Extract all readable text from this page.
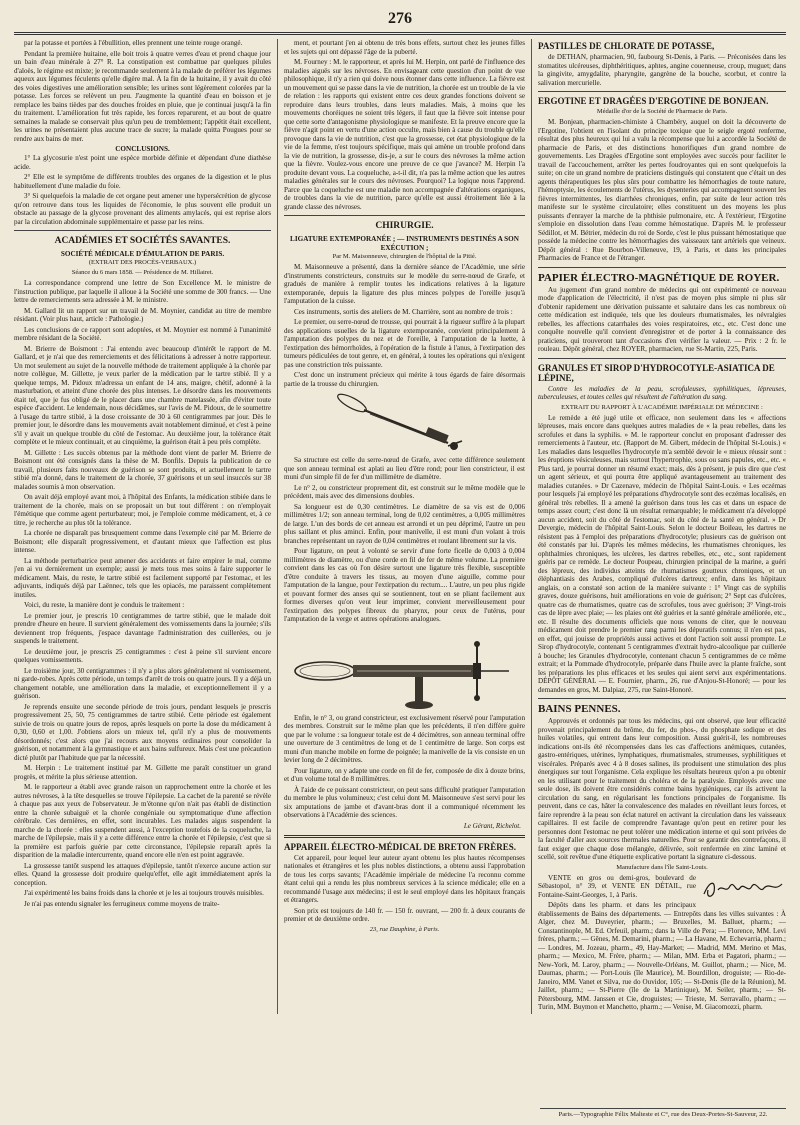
276

par la potasse et portées à l'ébullition, elles prennent une teinte rouge orangé.

Pendant la première huitaine, elle boit trois à quatre verres d'eau et prend chaque jour un bain d'eau minérale à 27° R. La constipation est combattue par quelques pilules d'aloès, le régime est mixte; je recommande seulement à la malade de préférer les légumes aqueux aux légumes féculents qu'elle digère mal. À la fin de la huitaine, il y avait du côté des voies digestives une amélioration sensible; les urines sont légèrement colorées par la potasse. Les forces se relèvent un peu. J'augmente la quantité d'eau en boisson et je remplace les bains tièdes par des douches froides en pluie, que je continuai jusqu'à la fin du traitement. L'amélioration fut très rapide, les forces reparurent, et au bout de quatre semaines la malade se conservait plus qu'un peu de tremblement; l'appétit était excellent, les urines ne présentaient plus aucune trace de sucre; la malade quitta Pougues pour se rendre aux bains de mer.

CONCLUSIONS.

1° La glycosurie n'est point une espèce morbide définie et dépendant d'une diathèse acide.

2° Elle est le symptôme de différents troubles des organes de la digestion et le plus habituellement d'une maladie du foie.

3° Si quelquefois la maladie de cet organe peut amener une hypersécrétion de glycose qu'on retrouve dans tous les liquides de l'économie, le plus souvent elle produit un obstacle au passage de la glycose provenant des aliments amylacés, qui est reprise alors par la circulation abdominale supplémentaire et passe par les reins.

ACADÉMIES ET SOCIÉTÉS SAVANTES.
SOCIÉTÉ MÉDICALE D'ÉMULATION DE PARIS.
(EXTRAIT DES PROCÈS-VERBAUX.)
Séance du 6 mars 1858. — Présidence de M. Hillairet.

La correspondance comprend une lettre de Son Excellence M. le ministre de l'instruction publique, par laquelle il alloue à la Société une somme de 300 francs. — Une lettre de remerciements sera adressée à M. le ministre.

M. Gallard lit un rapport sur un travail de M. Moynier, candidat au titre de membre résidant. (Voir plus haut, article : Pathologie.)

Les conclusions de ce rapport sont adoptées, et M. Moynier est nommé à l'unanimité membre résidant de la Société.

M. Brierre de Boismont : J'ai entendu avec beaucoup d'intérêt le rapport de M. Gallard, et je n'ai que des remerciements et des félicitations à adresser à notre rapporteur. Un mot seulement au sujet de la nouvelle méthode de traitement appliquée à la chorée par notre collègue, M. Gillette, je veux parler de la médication par le tartre stibié. Il y a quelque temps, M. Pidoux m'adressa un enfant de 14 ans, maigre, chétif, adonné à la masturbation, et atteint d'une chorée des plus intenses. Le désordre dans les mouvements était tel, que je fus obligé de le placer dans une chambre matelassée, afin d'éviter toute espèce d'accident. Le lendemain, nous décidâmes, sur l'avis de M. Pidoux, de le soumettre à l'usage du tartre stibié, à la dose croissante de 30 à 60 centigrammes par jour. Dès le premier jour, le désordre dans les mouvements avait notablement diminué, et c'est à peine s'il y avait un quelque trouble du côté de l'estomac. Au deuxième jour, la tolérance était complète et le mieux continuait, et au cinquième, la guérison était à peu près complète.

M. Gillette : Les succès obtenus par la méthode dont vient de parler M. Brierre de Boismont ont été consignés dans la thèse de M. Bonfils. Depuis la publication de ce travail, plusieurs faits nouveaux de guérison se sont produits, et actuellement le tartre stibié m'a donné, dans le traitement de la chorée, 37 guérisons et un seul insuccès sur 38 malades soumis à mon observation.

On avait déjà employé avant moi, à l'hôpital des Enfants, la médication stibiée dans le traitement de la chorée, mais on se proposait un but tout différent : on n'employait l'émétique que comme agent perturbateur; moi, je l'emploie comme médicament, et, à ce titre, je recherche au plus tôt la tolérance.

La chorée ne disparaît pas brusquement comme dans l'exemple cité par M. Brierre de Boismont; elle disparaît progressivement, et d'autant mieux que l'affection est plus intense.

La méthode perturbatrice peut amener des accidents et faire empirer le mal, comme j'en ai vu dernièrement un exemple; aussi je mets tous mes soins à faire supporter le médicament. Mais, du reste, le tartre stibié est facilement supporté par l'estomac, et les adjuvants, indiqués déjà par Laënnec, tels que les opiacés, me paraissent complètement inutiles.

Voici, du reste, la manière dont je conduis le traitement :

Le premier jour, je prescris 10 centigrammes de tartre stibié, que le malade doit prendre d'heure en heure. Il survient généralement des vomissements dans la journée; s'ils deviennent trop fréquents, j'espace davantage l'administration des cuillerées, ou je suspends le traitement.

Le deuxième jour, je prescris 25 centigrammes : c'est à peine s'il survient encore quelques vomissements.

Le troisième jour, 30 centigrammes : il n'y a plus alors généralement ni vomissement, ni garde-robes. Après cette période, un temps d'arrêt de trois ou quatre jours. Il y a déjà un changement notable, une amélioration dans la maladie, et exceptionnellement il y a guérison.

Je reprends ensuite une seconde période de trois jours, pendant lesquels je prescris progressivement 25, 50, 75 centigrammes de tartre stibié. Cette période est également suivie de trois ou quatre jours de repos, après lesquels on porte la dose du médicament à 0,30, 0,60 et 1,00. J'obtiens alors un mieux tel, qu'il n'y a plus de mouvements désordonnés; c'est alors que j'ai recours aux moyens ordinaires pour consolider la guérison, et notamment à la gymnastique et aux bains sulfureux. Mais c'est une précaution dicté plutôt par l'habitude que par la nécessité.

M. Herpin : Le traitement institué par M. Gillette me paraît constituer un grand progrès, et mérite la plus sérieuse attention.

M. le rapporteur a établi avec grande raison un rapprochement entre la chorée et les autres névroses, à la tête desquelles se trouve l'épilepsie. La cachet de la parenté se révèle à chaque pas aux yeux de l'observateur. Je m'étonne qu'on n'ait pas établi de distinction entre la chorée subaiguë et la chorée congéniale ou symptomatique d'une affection cérébrale. Ces dernières, en effet, sont incurables. Les malades aigus suspendent la marche de la chorée : elles suspendent aussi, à l'exception toutefois de la coqueluche, la marche de l'épilepsie, mais il y a cette différence entre la chorée et l'épilepsie, c'est que si la première est parfois guérie par cette circonstance, l'épilepsie reparaît après la disparition de la maladie intercurrente, quand encore elle n'en est point aggravée.

La grossesse tantôt suspend les attaques d'épilepsie, tantôt n'exerce aucune action sur elles. Quand la grossesse doit produire quelqu'effet, elle agit immédiatement après la conception.

J'ai expérimenté les bains froids dans la chorée et je les ai toujours trouvés nuisibles.

Je n'ai pas entendu signaler les ferrugineux comme moyens de traite-

ment, et pourtant j'en ai obtenu de très bons effets, surtout chez les jeunes filles et les sujets qui ont dépassé l'âge de la puberté.

M. Fourney : M. le rapporteur, et après lui M. Herpin, ont parlé de l'influence des maladies aiguës sur les névroses. En envisageant cette question d'un point de vue philosophique, il n'y a rien qui doive nous étonner dans cette influence. La fièvre est un mouvement qui se passe dans la vie de nutrition, la chorée est un trouble de la vie de relation : les rapports qui existent entre ces deux grandes fonctions doivent se reproduire dans leurs troubles, dans leurs maladies. Mais, à moins que les mouvements choréiques ne soient très légers, il faut que la fièvre soit intense pour que cette sorte d'antagonisme physiologique se manifeste. Et la preuve encore que la fièvre n'agit point en vertu d'une action occulte, mais bien à cause du trouble qu'elle provoque dans la vie de nutrition, c'est que la grossesse, cet état physiologique de la vie de la femme, n'est toujours spécifique, mais qui amène un trouble profond dans la vie de nutrition, la grossesse, dis-je, a sur le cours des névroses la même action que la fièvre. Voulez-vous encore une preuve de ce que j'avance? M. Herpin l'a produite devant vous. La coqueluche, a-t-il dit, n'a pas la même action que les autres maladies générales sur le cours des névroses. Pourquoi? La logique nous l'apprend. Parce que la coqueluche est une maladie non accompagnée d'altérations organiques, de troubles dans la vie de nutrition, parce qu'elle est aussi étroitement liée à la grande classe des névroses.

CHIRURGIE.
LIGATURE EXTEMPORANÉE ; — INSTRUMENTS DESTINÉS A SON EXÉCUTION ;
Par M. Maisonneuve, chirurgien de l'hôpital de la Pitié.

M. Maisonneuve a présenté, dans la dernière séance de l'Académie, une série d'instruments constricteurs, construits sur le modèle du serre-nœud de Græfe, et gradués de manière à remplir toutes les indications relatives à la ligature extemporanée, depuis la ligature des plus minces polypes de l'oreille jusqu'à l'amputation de la cuisse.

Ces instruments, sortis des ateliers de M. Charrière, sont au nombre de trois :

Le premier, ou serre-nœud de trousse, qui pourrait à la rigueur suffire à la plupart des applications usuelles de la ligature extemporanée, convient principalement à l'amputation des polypes du nez et de l'oreille, à l'amputation de la luette, à l'extirpation des hémorrhoïdes, à l'opération de la fistule à l'anus, à l'extirpation des tumeurs pédiculées de tout genre, et, en général, à toutes les opérations qui n'exigent pas une constriction très puissante.

C'est donc un instrument précieux qui mérite à tous égards de faire désormais partie de la trousse du chirurgien.

Sa structure est celle du serre-nœud de Græfe, avec cette différence seulement que son anneau terminal est aplati au lieu d'être rond; pour lien constricteur, il est muni d'un simple fil de fer d'un millimètre de diamètre.

Le n° 2, ou constricteur proprement dit, est construit sur le même modèle que le précédent, mais avec des dimensions doubles.

Sa longueur est de 0,30 centimètres. Le diamètre de sa vis est de 0,006 millimètres 1/2; son anneau terminal, long de 0,02 centimètres, a 0,005 millimètres de large. L'un des bords de cet anneau est arrondi et un peu déprimé, l'autre un peu plus saillant et plus aminci. Enfin, pour manivelle, il est muni d'un volant à trois branches représentant un rayon de 0,04 centimètres et roulant librement sur la vis.

Pour ligature, on peut à volonté se servir d'une forte ficelle de 0,003 à 0,004 millimètres de diamètre, ou d'une corde en fil de fer de même volume. La première convient dans les cas où l'on désire surtout une ligature très flexible, susceptible d'être conduite à travers les tissus, au moyen d'une aiguille, comme pour l'amputation de la langue, pour l'extirpation du rectum.... L'autre, un peu plus rigide et pouvant former des anses qui se soutiennent, tout en se pliant facilement aux formes diverses qu'on veut leur imprimer, convient merveilleusement pour l'extirpation des polypes fibreux du pharynx, pour ceux de l'utérus, pour l'amputation de la verge et autres opérations analogues.

Enfin, le n° 3, ou grand constricteur, est exclusivement réservé pour l'amputation des membres. Construit sur le même plan que les précédents, il n'en diffère guère que par le volume : sa longueur totale est de 4 décimètres, son anneau terminal offre une ouverture de 3 centimètres de long et de 1 centimètre de large. Son corps est muni d'un manche mobile en forme de poignée; la manivelle de la vis consiste en un levier long de 2 décimètres.

Pour ligature, on y adapte une corde en fil de fer, composée de dix à douze brins, et d'un volume total de 8 millimètres.

À l'aide de ce puissant constricteur, on peut sans difficulté pratiquer l'amputation du membre le plus volumineux; c'est celui dont M. Maisonneuve s'est servi pour les six amputations de jambe et d'avant-bras dont il a communiqué récemment les observations à l'Académie des sciences.

Le Gérant, Richelot.
APPAREIL ÉLECTRO-MÉDICAL DE BRETON FRÈRES.

Cet appareil, pour lequel leur auteur ayant obtenu les plus hautes récompenses nationales et étrangères et les plus nobles distinctions, a obtenu aussi l'approbation de tous les corps savants; l'Académie impériale de médecine l'a reconnu comme étant celui qui a rendu les plus nombreux services à la science médicale; elle en a recommandé l'usage aux médecins; il est le seul employé dans les hôpitaux français et étrangers.

Son prix est toujours de 140 fr. — 150 fr. ouvrant, — 200 fr. à deux courants de premier et de deuxième ordre.

23, rue Dauphine, à Paris.
PASTILLES DE CHLORATE DE POTASSE,

de DETHAN, pharmacien, 90, faubourg St-Denis, à Paris. — Préconisées dans les stomatites ulcéreuses, diphthéritiques, aphtes, angine couenneuse, croup, muguet; dans la gingivite, amygdalite, pharyngite, gangrène de la bouche, scorbut, et contre la salivation mercurielle.

ERGOTINE ET DRAGÉES D'ERGOTINE DE BONJEAN.
Médaille d'or de la Société de Pharmacie de Paris.

M. Bonjean, pharmacien-chimiste à Chambéry, auquel on doit la découverte de l'Ergotine, l'obtient en l'isolant du principe toxique que le seigle ergoté renferme, résultat des plus heureux qui lui a valu la récompense que lui a accordée la Société de pharmacie de Paris, et des distinctions honorifiques d'un grand nombre de gouvernements. Les Dragées d'Ergotine sont employées avec succès pour faciliter le travail de l'accouchement, arrêter les pertes foudroyantes qui en sont quelquefois la suite; on cite un grand nombre de praticiens distingués qui constatent que c'était un des agents thérapeutiques les plus sûrs pour combattre les hémorrhagies de toute nature, l'hémoptysie, les écoulements de l'utérus, les dysenteries qui accompagnent souvent les fièvres intermittentes, les diarrhées chroniques, enfin, par suite de leur action très manifeste sur le système circulatoire; elles constituent un des moyens les plus puissants d'enrayer la marche de la phthisie pulmonaire, etc. À l'extérieur, l'Ergotine s'emploie en dissolution dans l'eau comme hémostatique. D'après M. le professeur Sédillot, et M. Bétrier, médecin du roi de Sorde, c'est le plus puissant hémostatique que possède la médecine contre les hémorrhagies des vaisseaux tant artériels que veineux. Dépôt général : Rue Bourbon-Villeneuve, 19, à Paris, et dans les principales Pharmacies de France et de l'étranger.

PAPIER ÉLECTRO-MAGNÉTIQUE DE ROYER.

Au jugement d'un grand nombre de médecins qui ont expérimenté ce nouveau mode d'application de l'électricité, il n'est pas de moyen plus simple ni plus sûr d'obtenir rapidement une dérivation puissante et salutaire dans les cas nombreux où cette médication est indiquée, tels que les douleurs rhumatismales, les névralgies rebelles, les affections catarrhales des voies respiratoires, etc., etc. C'est donc une conquête nouvelle qu'il convient d'enregistrer et de porter à la connaissance des praticiens, qui trouveront tant d'occasions d'en vérifier la valeur. — Prix : 2 fr. le rouleau. Dépôt général, chez ROYER, pharmacien, rue St-Martin, 225, Paris.

GRANULES ET SIROP D'HYDROCOTYLE-ASIATICA DE LÉPINE,

Contre les maladies de la peau, scrofuleuses, syphilitiques, lépreuses, tuberculeuses, et toutes celles qui résultent de l'altération du sang.

EXTRAIT DU RAPPORT À L'ACADÉMIE IMPÉRIALE DE MÉDECINE :

Le remède a été jugé utile et efficace, non seulement dans les « affections lépreuses, mais encore dans quelques autres maladies de « la peau rebelles, dans les scrofules et dans la syphilis. » M. le rapporteur conclut en proposant d'adresser des remerciements à l'auteur, etc. (Rapport de M. Gibert, médecin de l'hôpital St-Louis.) « Les maladies dans lesquelles l'hydrocotyle m'a semblé devoir le « mieux réussir sont : les éruptions vésiculeuses, mais surtout l'hypertrophie, sous ou sans papules, etc., etc. « Plus tard, je pourrai donner un résumé exact; mais, dès à présent, je puis dire que c'est un agent sérieux, et qui pourra être appliqué avantageusement au traitement des maladies cutanées. » Dr Cazenave, médecin de l'hôpital Saint-Louis. « Les eczémas pour lesquels j'ai employé les préparations d'hydrocotyle sont des eczémas localisés, en général très rebelles. Il a amené la guérison dans tous les cas et dans un espace de temps assez court; c'est donc là un résultat remarquable; le médicament n'a développé aucun accident, soit du côté de l'estomac, soit du côté de la santé en général. » Dr Devergie, médecin de l'hôpital Saint-Louis. Selon le docteur Boileau, les dartres ne résistent pas à l'emploi des préparations d'hydrocotyle; plusieurs cas de guérison ont été constatés par lui. D'après les mêmes médecins, les rhumatismes chroniques, les ophthalmies chroniques, les ulcères, les dartres rebelles, etc., etc., sont rapidement guéris par ce remède. Le docteur Poupeau, chirurgien principal de la marine, a guéri des lépreux, des individus atteints de rhumatismes goutteux chroniques, et un éléphantiasis des Arabes, compliqué d'ulcères dartreux; enfin, dans les hôpitaux anglais, on a constaté son action de la manière suivante : 1° Vingt cas de syphilis graves, douze guérisons, huit améliorations en voie de guérison; 2° Sept cas d'ulcères, quatre cas de rhumatismes, quatre cas de scrofules, tous avec guérison; 3° Vingt-trois cas de lèpre avec plaie; — les plaies ont été guéries et la santé générale améliorée, etc., etc. Il résulte des documents officiels que nous venons de citer, que le nouveau médicament doit prendre le premier rang parmi les dépuratifs connus; il n'en est pas, en effet, qui jouisse de propriétés aussi actives et dont l'action soit aussi prompte. Le Sirop d'hydrocotyle, contenant 5 centigrammes d'extrait hydro-alcoolique par cuillerée à bouche; les Granules d'hydrocotyle, contenant chacun 5 centigrammes de ce même extrait; et la Pommade d'hydrocotyle, préparée dans l'huile avec la plante fraîche, sont les préparations les plus efficaces et les seules qui aient servi aux expérimentations. DÉPÔT GÉNÉRAL — E. Fournier, pharm., 26, rue d'Anjou-St-Honoré; — pour les demandes en gros, M. Dalpiaz, 275, rue Saint-Honoré.

BAINS PENNES.

Approuvés et ordonnés par tous les médecins, qui ont observé, que leur efficacité provenait principalement du brôme, du fer, du phos-, du phosphate sodique et des huiles volatiles, qui entrent dans leur composition. Aussi guérit-il, les nombreuses indications ont-ils été récompensées dans les cas d'affections anémiques, cutanées, gastro-entériques, utérines, lymphatiques, rhumatismales, strumeuses, syphilitiques et viscérales. Préparés avec 4 à 8 doses salines, ils produisent une stimulation des plus énergiques sur tout l'organisme. Cela explique les résultats heureux qu'on a pu obtenir en les utilisant pour le traitement du choléra et de la paralysie. Employés avec une seule dose, ils doivent être considérés comme bains hygiéniques, car ils activent la circulation du sang, en régularisant les fonctions principales de l'organisme. Ils peuvent, dans ce cas, hâter la convalescence des malades en réveillant leurs forces, et faire reprendre à la peau son éclat naturel en activant la circulation dans les vaisseaux capillaires. Il est facile de comprendre l'avantage qu'on peut en retirer pour les personnes dont l'estomac ne peut tolérer une médication interne et qui sont privées de la faculté d'aller aux sources thermales naturelles. Pour se garantir des contrefaçons, il faut exiger que chaque dose mélangée, délivrée, soit renfermée en zinc laminé et scellé, soit revêtue d'une étiquette explicative portant la signature ci-dessous.

Manufacture dans l'île Saint-Louis.

VENTE en gros ou demi-gros, boulevard de Sébastopol, n° 39, et VENTE EN DÉTAIL, rue Fontaine-Saint-Georges, 1, à Paris.

Dépôts dans les pharm. et dans les principaux établissements de Bains des départements. — Entrepôts dans les villes suivantes : À Alger, chez M. Duveyrier, pharm.; — Bruxelles, M. Balluet, pharm.; — Constantinople, M. Ed. Orfeuil, pharm.; dans la Ville de Pera; — Florence, MM. Levi frères, pharm.; — Gênes, M. Demarini, pharm.; — La Havane, M. Echevarria, pharm.; — Londres, M. Jozeau, pharm., 49, Hay-Market; — Madrid, MM. Merino et Mas, pharm.; — Mexico, M. Frère, pharm.; — Milan, MM. Erba et Pagatori, pharm.; — New-York, M. Laroy, pharm.; — Nouvelle-Orléans, M. Guillot, pharm.; — Nice, M. Daumas, pharm.; — Port-Louis (île Maurice), M. Bourdillon, droguiste; — Rio-de-Janeiro, MM. Vanet et Silva, rue do Ouvidor, 105; — St-Denis (île de la Réunion), M. Jaillet, pharm.; — St-Pierre (île de la Martinique), M. Seiler, pharm.; — St-Pétersbourg, MM. Janssen et Cie, droguistes; — Trieste, M. Serravallo, pharm.; — Turin, MM. Buymon et Manchetto, pharm.; — Venise, M. Giacomozzi, pharm.

Paris.—Typographie Félix Malteste et C°, rue des Deux-Portes-St-Sauveur, 22.
